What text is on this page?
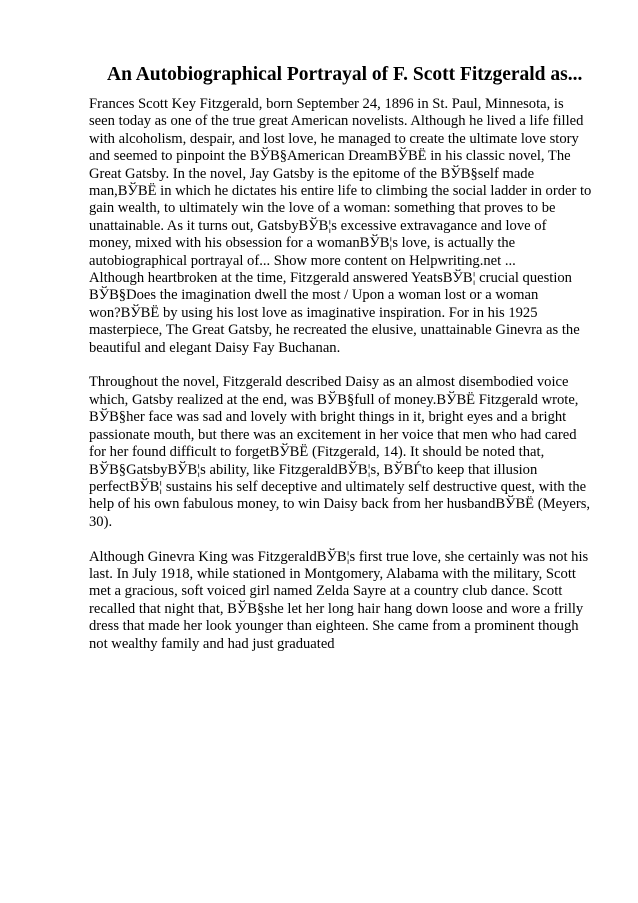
An Autobiographical Portrayal of F. Scott Fitzgerald as...

Frances Scott Key Fitzgerald, born September 24, 1896 in St. Paul, Minnesota, is
seen today as one of the true great American novelists. Although he lived a life filled
with alcoholism, despair, and lost love, he managed to create the ultimate love story
and seemed to pinpoint the BЎB§American DreamBЎBЁ in his classic novel, The
Great Gatsby. In the novel, Jay Gatsby is the epitome of the BЎB§self made
man,BЎBЁ in which he dictates his entire life to climbing the social ladder in order to
gain wealth, to ultimately win the love of a woman: something that proves to be
unattainable. As it turns out, GatsbyBЎB¦s excessive extravagance and love of
money, mixed with his obsession for a womanBЎB¦s love, is actually the
autobiographical portrayal of... Show more content on Helpwriting.net ...
Although heartbroken at the time, Fitzgerald answered YeatsBЎB¦ crucial question
BЎB§Does the imagination dwell the most / Upon a woman lost or a woman
won?BЎBЁ by using his lost love as imaginative inspiration. For in his 1925
masterpiece, The Great Gatsby, he recreated the elusive, unattainable Ginevra as the
beautiful and elegant Daisy Fay Buchanan.

Throughout the novel, Fitzgerald described Daisy as an almost disembodied voice
which, Gatsby realized at the end, was BЎB§full of money.BЎBЁ Fitzgerald wrote,
BЎB§her face was sad and lovely with bright things in it, bright eyes and a bright
passionate mouth, but there was an excitement in her voice that men who had cared
for her found difficult to forgetBЎBЁ (Fitzgerald, 14). It should be noted that,
BЎB§GatsbyBЎB¦s ability, like FitzgeraldBЎB¦s, BЎBЃto keep that illusion
perfectBЎB¦ sustains his self deceptive and ultimately self destructive quest, with the
help of his own fabulous money, to win Daisy back from her husbandBЎBЁ (Meyers,
30).

Although Ginevra King was FitzgeraldBЎB¦s first true love, she certainly was not his
last. In July 1918, while stationed in Montgomery, Alabama with the military, Scott
met a gracious, soft voiced girl named Zelda Sayre at a country club dance. Scott
recalled that night that, BЎB§she let her long hair hang down loose and wore a frilly
dress that made her look younger than eighteen. She came from a prominent though
not wealthy family and had just graduated
